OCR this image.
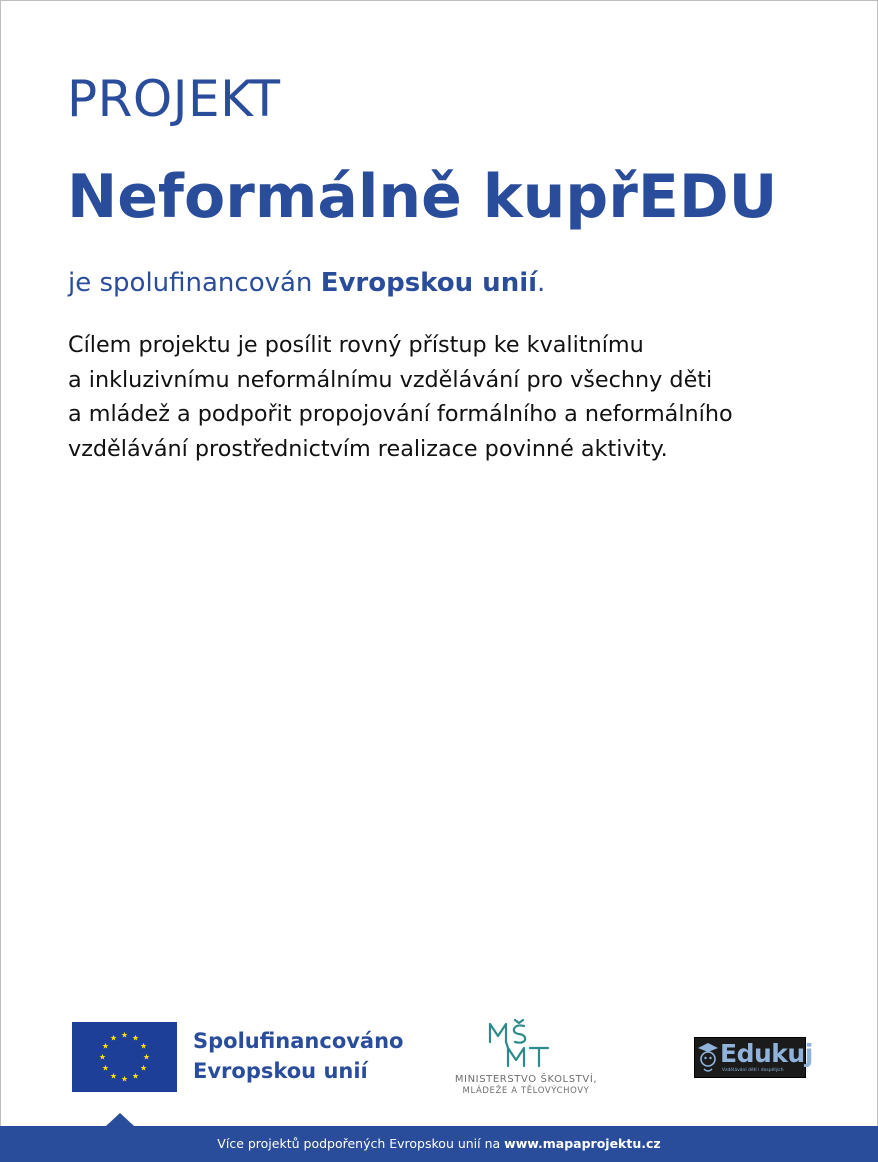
PROJEKT
Neformálně kupřEDU
je spolufinancován Evropskou unií.
Cílem projektu je posílit rovný přístup ke kvalitnímu
a inkluzivnímu neformálnímu vzdělávání pro všechny děti
a mládež a podpořit propojování formálního a neformálního
vzdělávání prostřednictvím realizace povinné aktivity.
Spolufinancováno
Evropskou unií	MINISTERSTVO ŠKOLSTVÍ,
MLÁDEŽE A TĚLOVÝCHOVY
Edukuj
Vzdělávání dětí i dospělých
Více projektů podpořených Evropskou unií na www.mapaprojektu.cz
